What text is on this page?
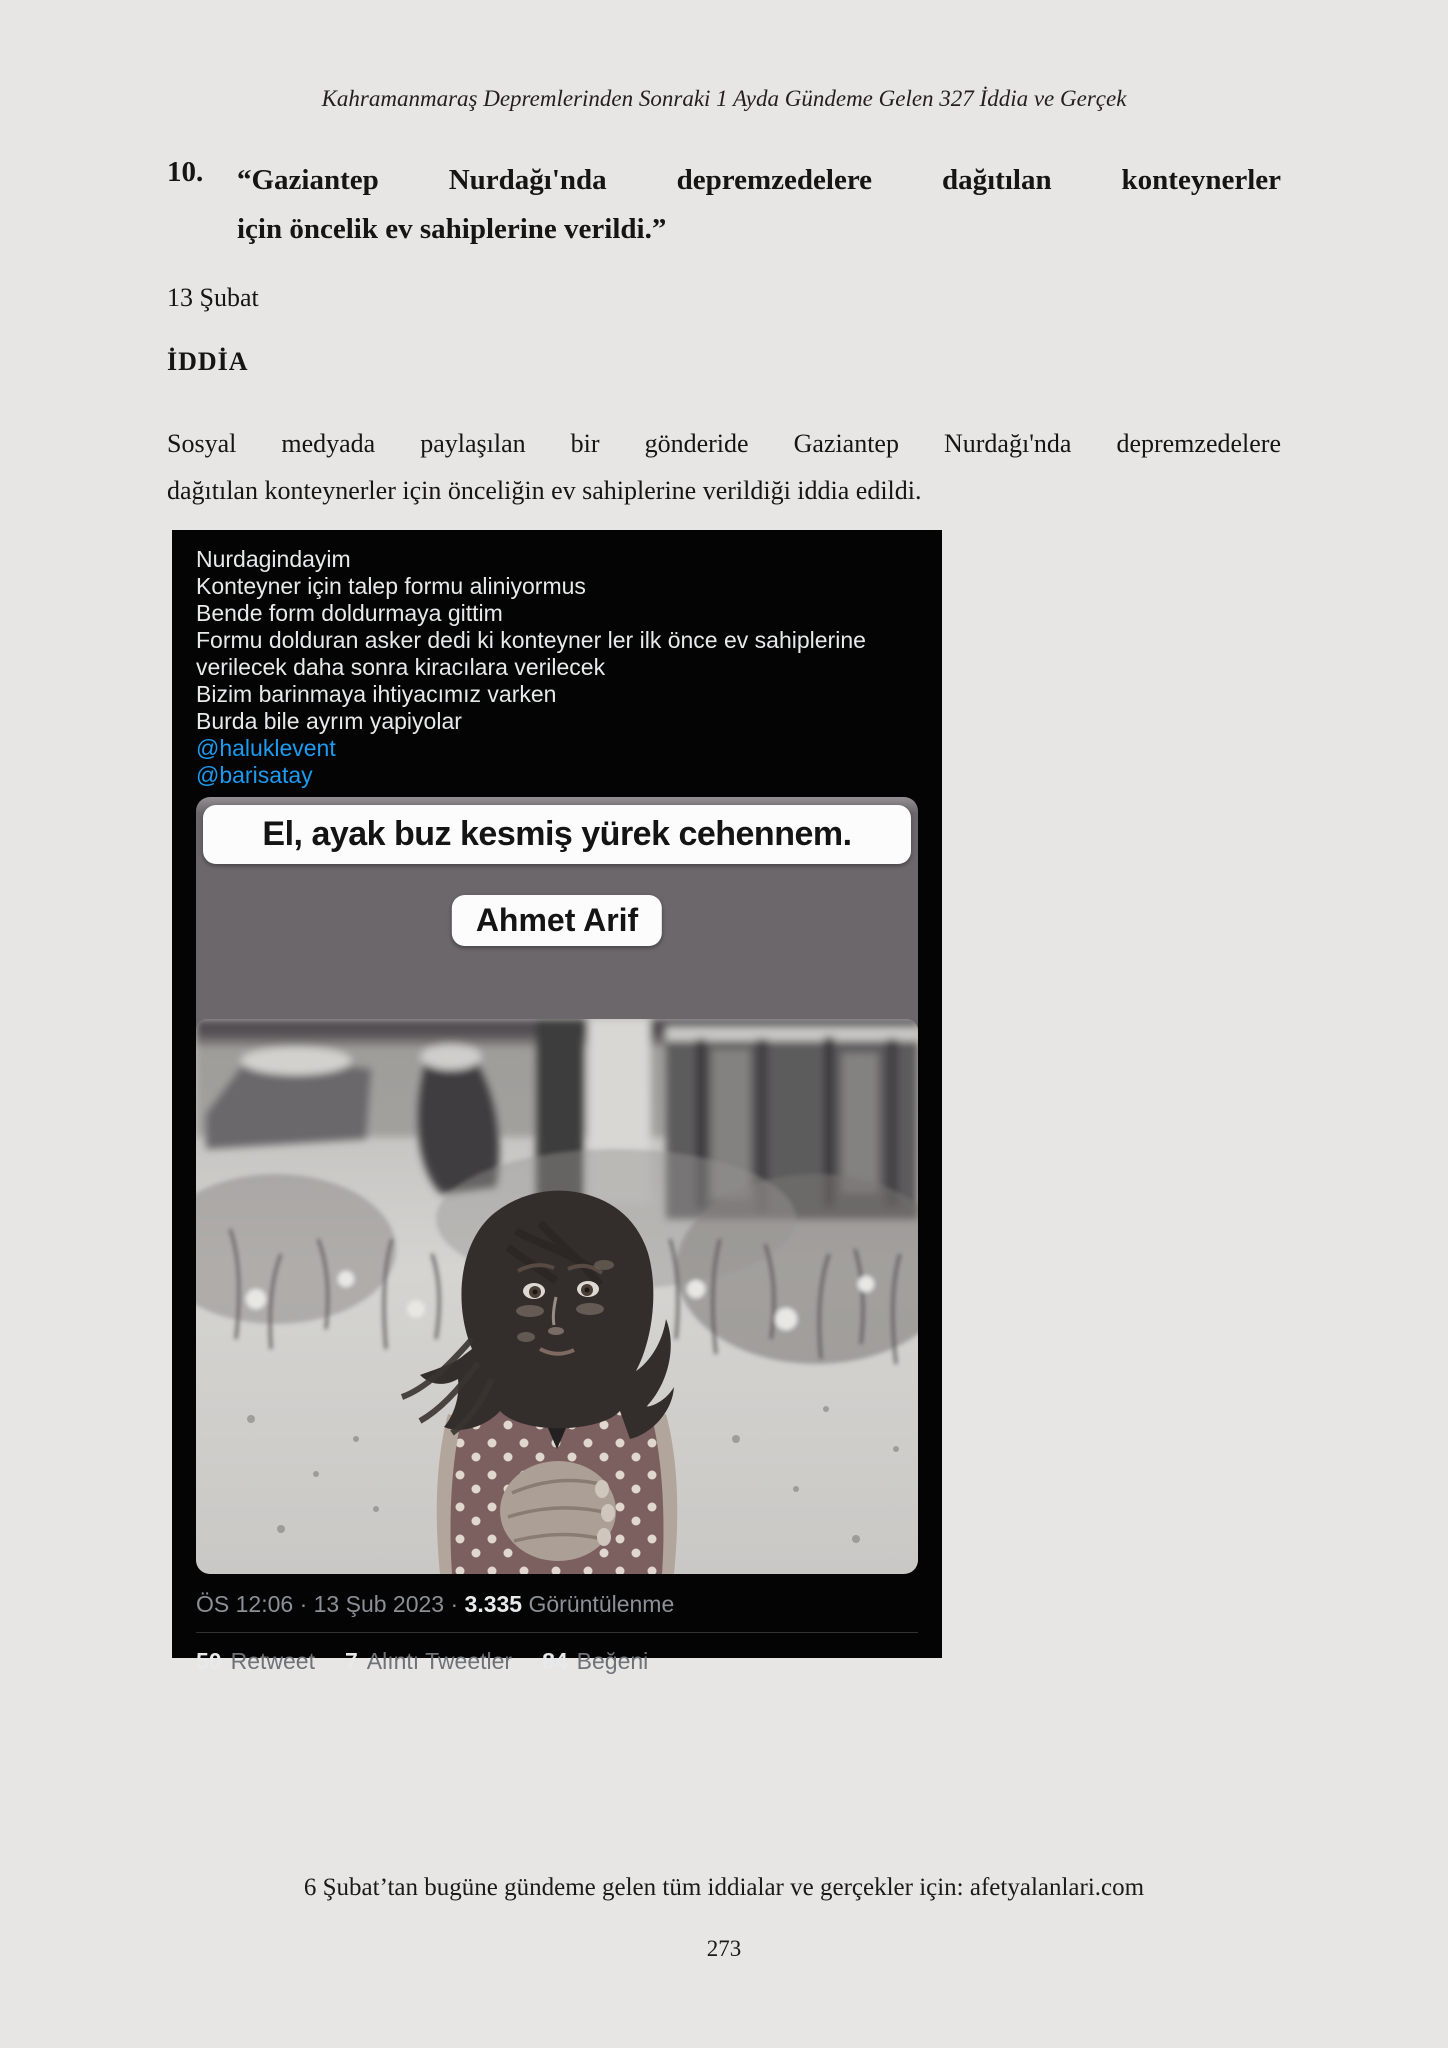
Kahramanmaraş Depremlerinden Sonraki 1 Ayda Gündeme Gelen 327 İddia ve Gerçek
10. “Gaziantep Nurdağı'nda depremzedelere dağıtılan konteynerler
için öncelik ev sahiplerine verildi.”
13 Şubat
İDDİA
Sosyal medyada paylaşılan bir gönderide Gaziantep Nurdağı'nda depremzedelere
dağıtılan konteynerler için önceliğin ev sahiplerine verildiği iddia edildi.
Nurdagindayim
Konteyner için talep formu aliniyormus
Bende form doldurmaya gittim
Formu dolduran asker dedi ki konteyner ler ilk önce ev sahiplerine
verilecek daha sonra kiracılara verilecek
Bizim barinmaya ihtiyacımız varken
Burda bile ayrım yapiyolar
@haluklevent
@barisatay
El, ayak buz kesmiş yürek cehennem.
Ahmet Arif
ÖS 12:06 · 13 Şub 2023 · 3.335 Görüntülenme
50 Retweet 7 Alıntı Tweetler 84 Beğeni
6 Şubat’tan bugüne gündeme gelen tüm iddialar ve gerçekler için: afetyalanlari.com
273
